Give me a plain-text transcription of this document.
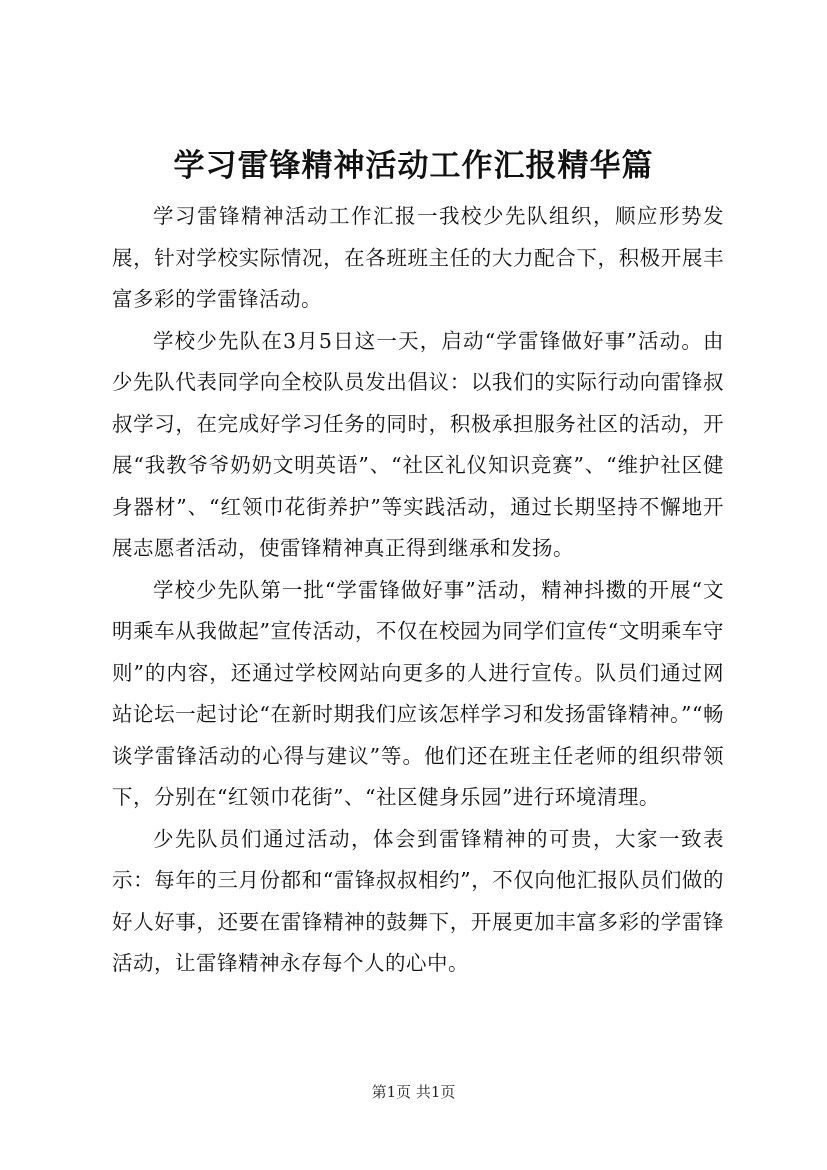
学习雷锋精神活动工作汇报精华篇

学习雷锋精神活动工作汇报一我校少先队组织，顺应形势发展，针对学校实际情况，在各班班主任的大力配合下，积极开展丰富多彩的学雷锋活动。

学校少先队在3月5日这一天，启动“学雷锋做好事”活动。由少先队代表同学向全校队员发出倡议：以我们的实际行动向雷锋叔叔学习，在完成好学习任务的同时，积极承担服务社区的活动，开展“我教爷爷奶奶文明英语”、“社区礼仪知识竞赛”、“维护社区健身器材”、“红领巾花街养护”等实践活动，通过长期坚持不懈地开展志愿者活动，使雷锋精神真正得到继承和发扬。

学校少先队第一批“学雷锋做好事”活动，精神抖擞的开展“文明乘车从我做起”宣传活动，不仅在校园为同学们宣传“文明乘车守则”的内容，还通过学校网站向更多的人进行宣传。队员们通过网站论坛一起讨论“在新时期我们应该怎样学习和发扬雷锋精神。”“畅谈学雷锋活动的心得与建议”等。他们还在班主任老师的组织带领下，分别在“红领巾花街”、“社区健身乐园”进行环境清理。

少先队员们通过活动，体会到雷锋精神的可贵，大家一致表示：每年的三月份都和“雷锋叔叔相约”，不仅向他汇报队员们做的好人好事，还要在雷锋精神的鼓舞下，开展更加丰富多彩的学雷锋活动，让雷锋精神永存每个人的心中。

第1页 共1页
